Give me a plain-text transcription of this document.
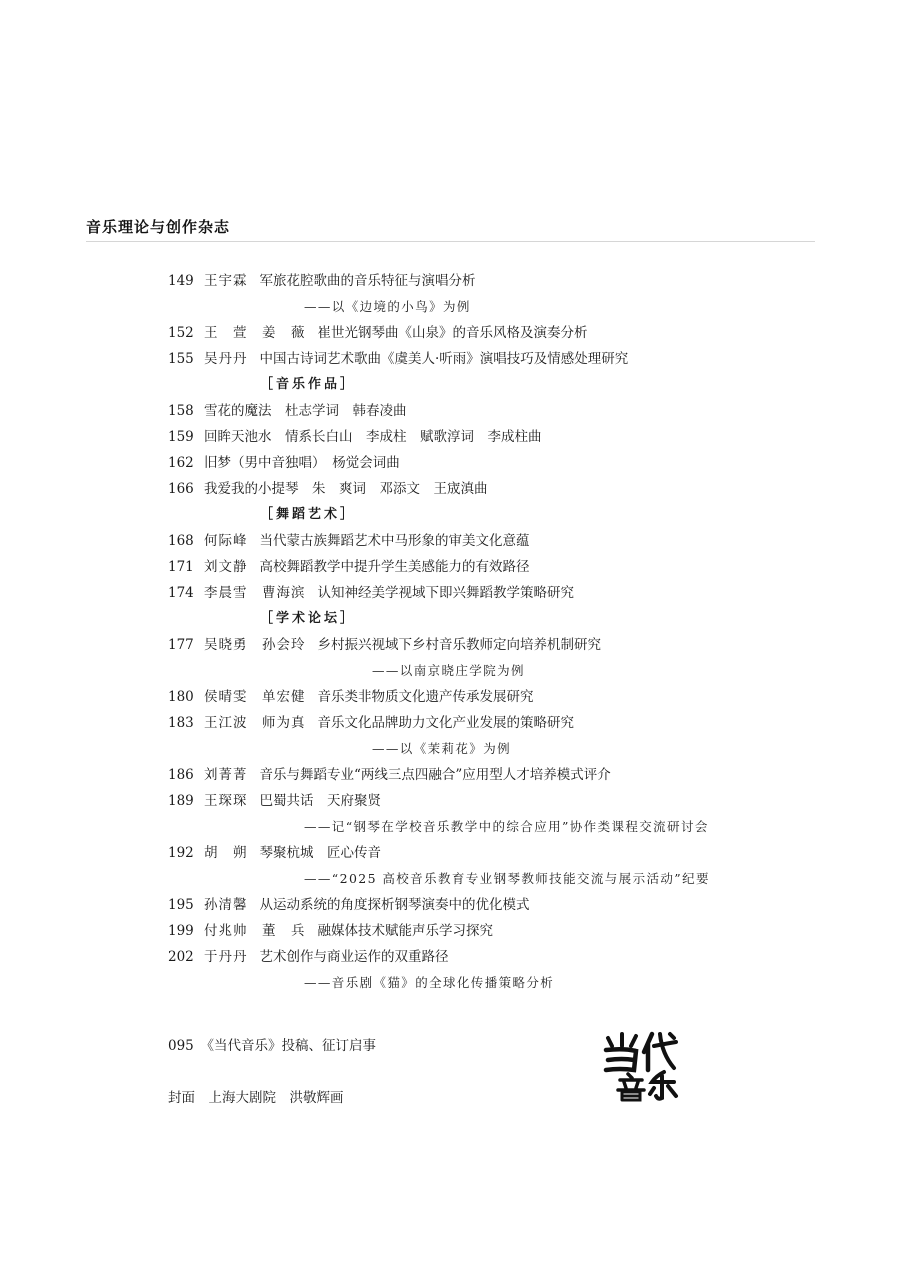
音乐理论与创作杂志
149 王宇霖 军旅花腔歌曲的音乐特征与演唱分析
——以《边境的小鸟》为例
152 王　萱　姜　薇 崔世光钢琴曲《山泉》的音乐风格及演奏分析
155 吴丹丹 中国古诗词艺术歌曲《虞美人·听雨》演唱技巧及情感处理研究
［音乐作品］
158 雪花的魔法　杜志学词　韩春凌曲
159 回眸天池水　情系长白山　李成柱　赋歌淳词　李成柱曲
162 旧梦（男中音独唱）　杨觉会词曲
166 我爱我的小提琴　朱　爽词　邓添文　王宬滇曲
［舞蹈艺术］
168 何际峰 当代蒙古族舞蹈艺术中马形象的审美文化意蕴
171 刘文静 高校舞蹈教学中提升学生美感能力的有效路径
174 李晨雪　曹海滨 认知神经美学视域下即兴舞蹈教学策略研究
［学术论坛］
177 吴晓勇　孙会玲 乡村振兴视域下乡村音乐教师定向培养机制研究
——以南京晓庄学院为例
180 侯晴雯　单宏健 音乐类非物质文化遗产传承发展研究
183 王江波　师为真 音乐文化品牌助力文化产业发展的策略研究
——以《茉莉花》为例
186 刘菁菁 音乐与舞蹈专业“两线三点四融合”应用型人才培养模式评介
189 王琛琛 巴蜀共话　天府聚贤
——记“钢琴在学校音乐教学中的综合应用”协作类课程交流研讨会
192 胡　朔 琴聚杭城　匠心传音
——“2025 高校音乐教育专业钢琴教师技能交流与展示活动”纪要
195 孙清馨 从运动系统的角度探析钢琴演奏中的优化模式
199 付兆帅　董　兵 融媒体技术赋能声乐学习探究
202 于丹丹 艺术创作与商业运作的双重路径
——音乐剧《猫》的全球化传播策略分析
095　《当代音乐》投稿、征订启事
封面　上海大剧院　洪敬辉画
